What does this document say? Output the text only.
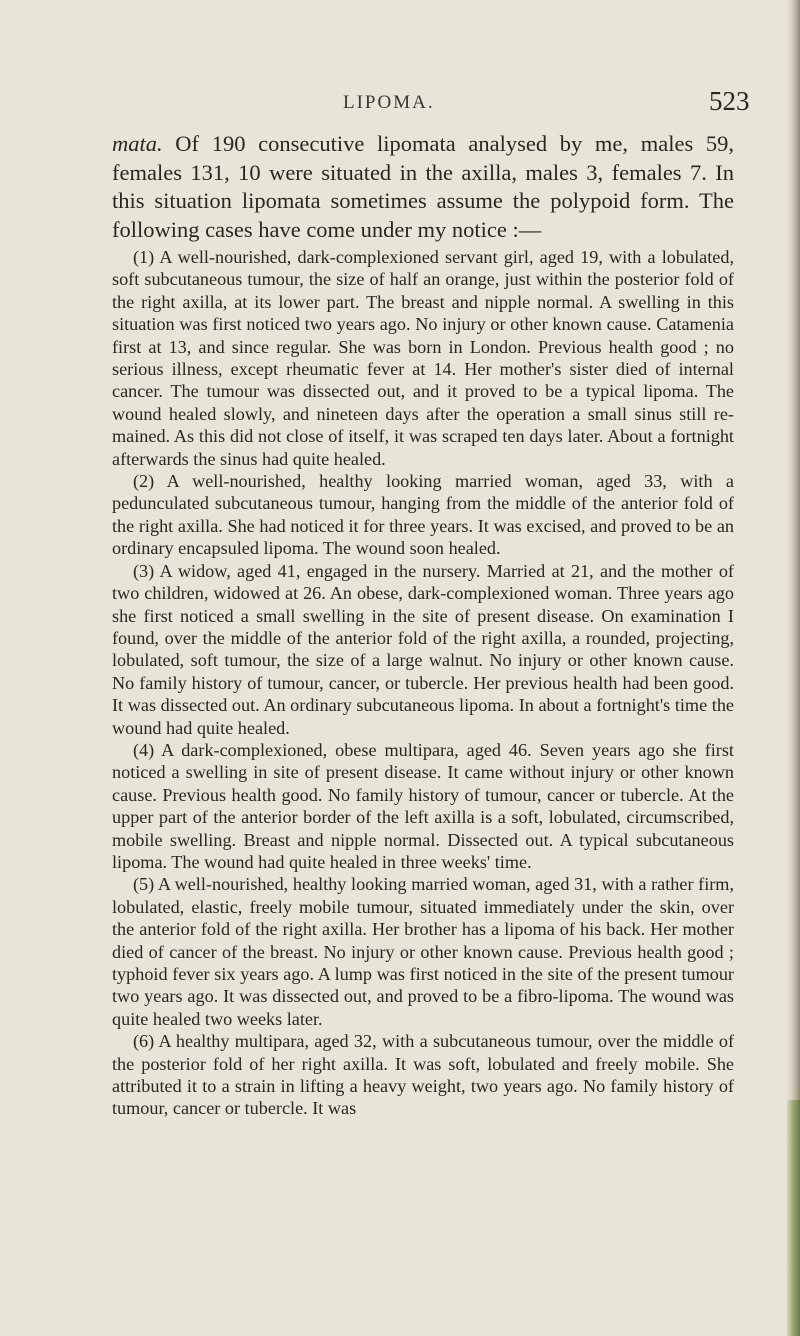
LIPOMA.	523

mata. Of 190 consecutive lipomata analysed by me, males 59, females 131, 10 were situated in the axilla, males 3, females 7. In this situation lipomata sometimes assume the polypoid form. The following cases have come under my notice :—

(1) A well-nourished, dark-complexioned servant girl, aged 19, with a lobulated, soft subcutaneous tumour, the size of half an orange, just within the posterior fold of the right axilla, at its lower part. The breast and nipple normal. A swelling in this situation was first noticed two years ago. No injury or other known cause. Catamenia first at 13, and since regular. She was born in London. Previous health good ; no serious illness, except rheumatic fever at 14. Her mother's sister died of internal cancer. The tumour was dissected out, and it proved to be a typical lipoma. The wound healed slowly, and nineteen days after the operation a small sinus still re-mained. As this did not close of itself, it was scraped ten days later. About a fortnight afterwards the sinus had quite healed.

(2) A well-nourished, healthy looking married woman, aged 33, with a pedunculated subcutaneous tumour, hanging from the middle of the anterior fold of the right axilla. She had noticed it for three years. It was excised, and proved to be an ordinary encapsuled lipoma. The wound soon healed.

(3) A widow, aged 41, engaged in the nursery. Married at 21, and the mother of two children, widowed at 26. An obese, dark-complexioned woman. Three years ago she first noticed a small swelling in the site of present disease. On examination I found, over the middle of the anterior fold of the right axilla, a rounded, projecting, lobulated, soft tumour, the size of a large walnut. No injury or other known cause. No family history of tumour, cancer, or tubercle. Her previous health had been good. It was dissected out. An ordinary subcutaneous lipoma. In about a fortnight's time the wound had quite healed.

(4) A dark-complexioned, obese multipara, aged 46. Seven years ago she first noticed a swelling in site of present disease. It came without injury or other known cause. Previous health good. No family history of tumour, cancer or tubercle. At the upper part of the anterior border of the left axilla is a soft, lobulated, circumscribed, mobile swelling. Breast and nipple normal. Dissected out. A typical subcutaneous lipoma. The wound had quite healed in three weeks' time.

(5) A well-nourished, healthy looking married woman, aged 31, with a rather firm, lobulated, elastic, freely mobile tumour, situated immediately under the skin, over the anterior fold of the right axilla. Her brother has a lipoma of his back. Her mother died of cancer of the breast. No injury or other known cause. Previous health good ; typhoid fever six years ago. A lump was first noticed in the site of the present tumour two years ago. It was dissected out, and proved to be a fibro-lipoma. The wound was quite healed two weeks later.

(6) A healthy multipara, aged 32, with a subcutaneous tumour, over the middle of the posterior fold of her right axilla. It was soft, lobulated and freely mobile. She attributed it to a strain in lifting a heavy weight, two years ago. No family history of tumour, cancer or tubercle. It was
